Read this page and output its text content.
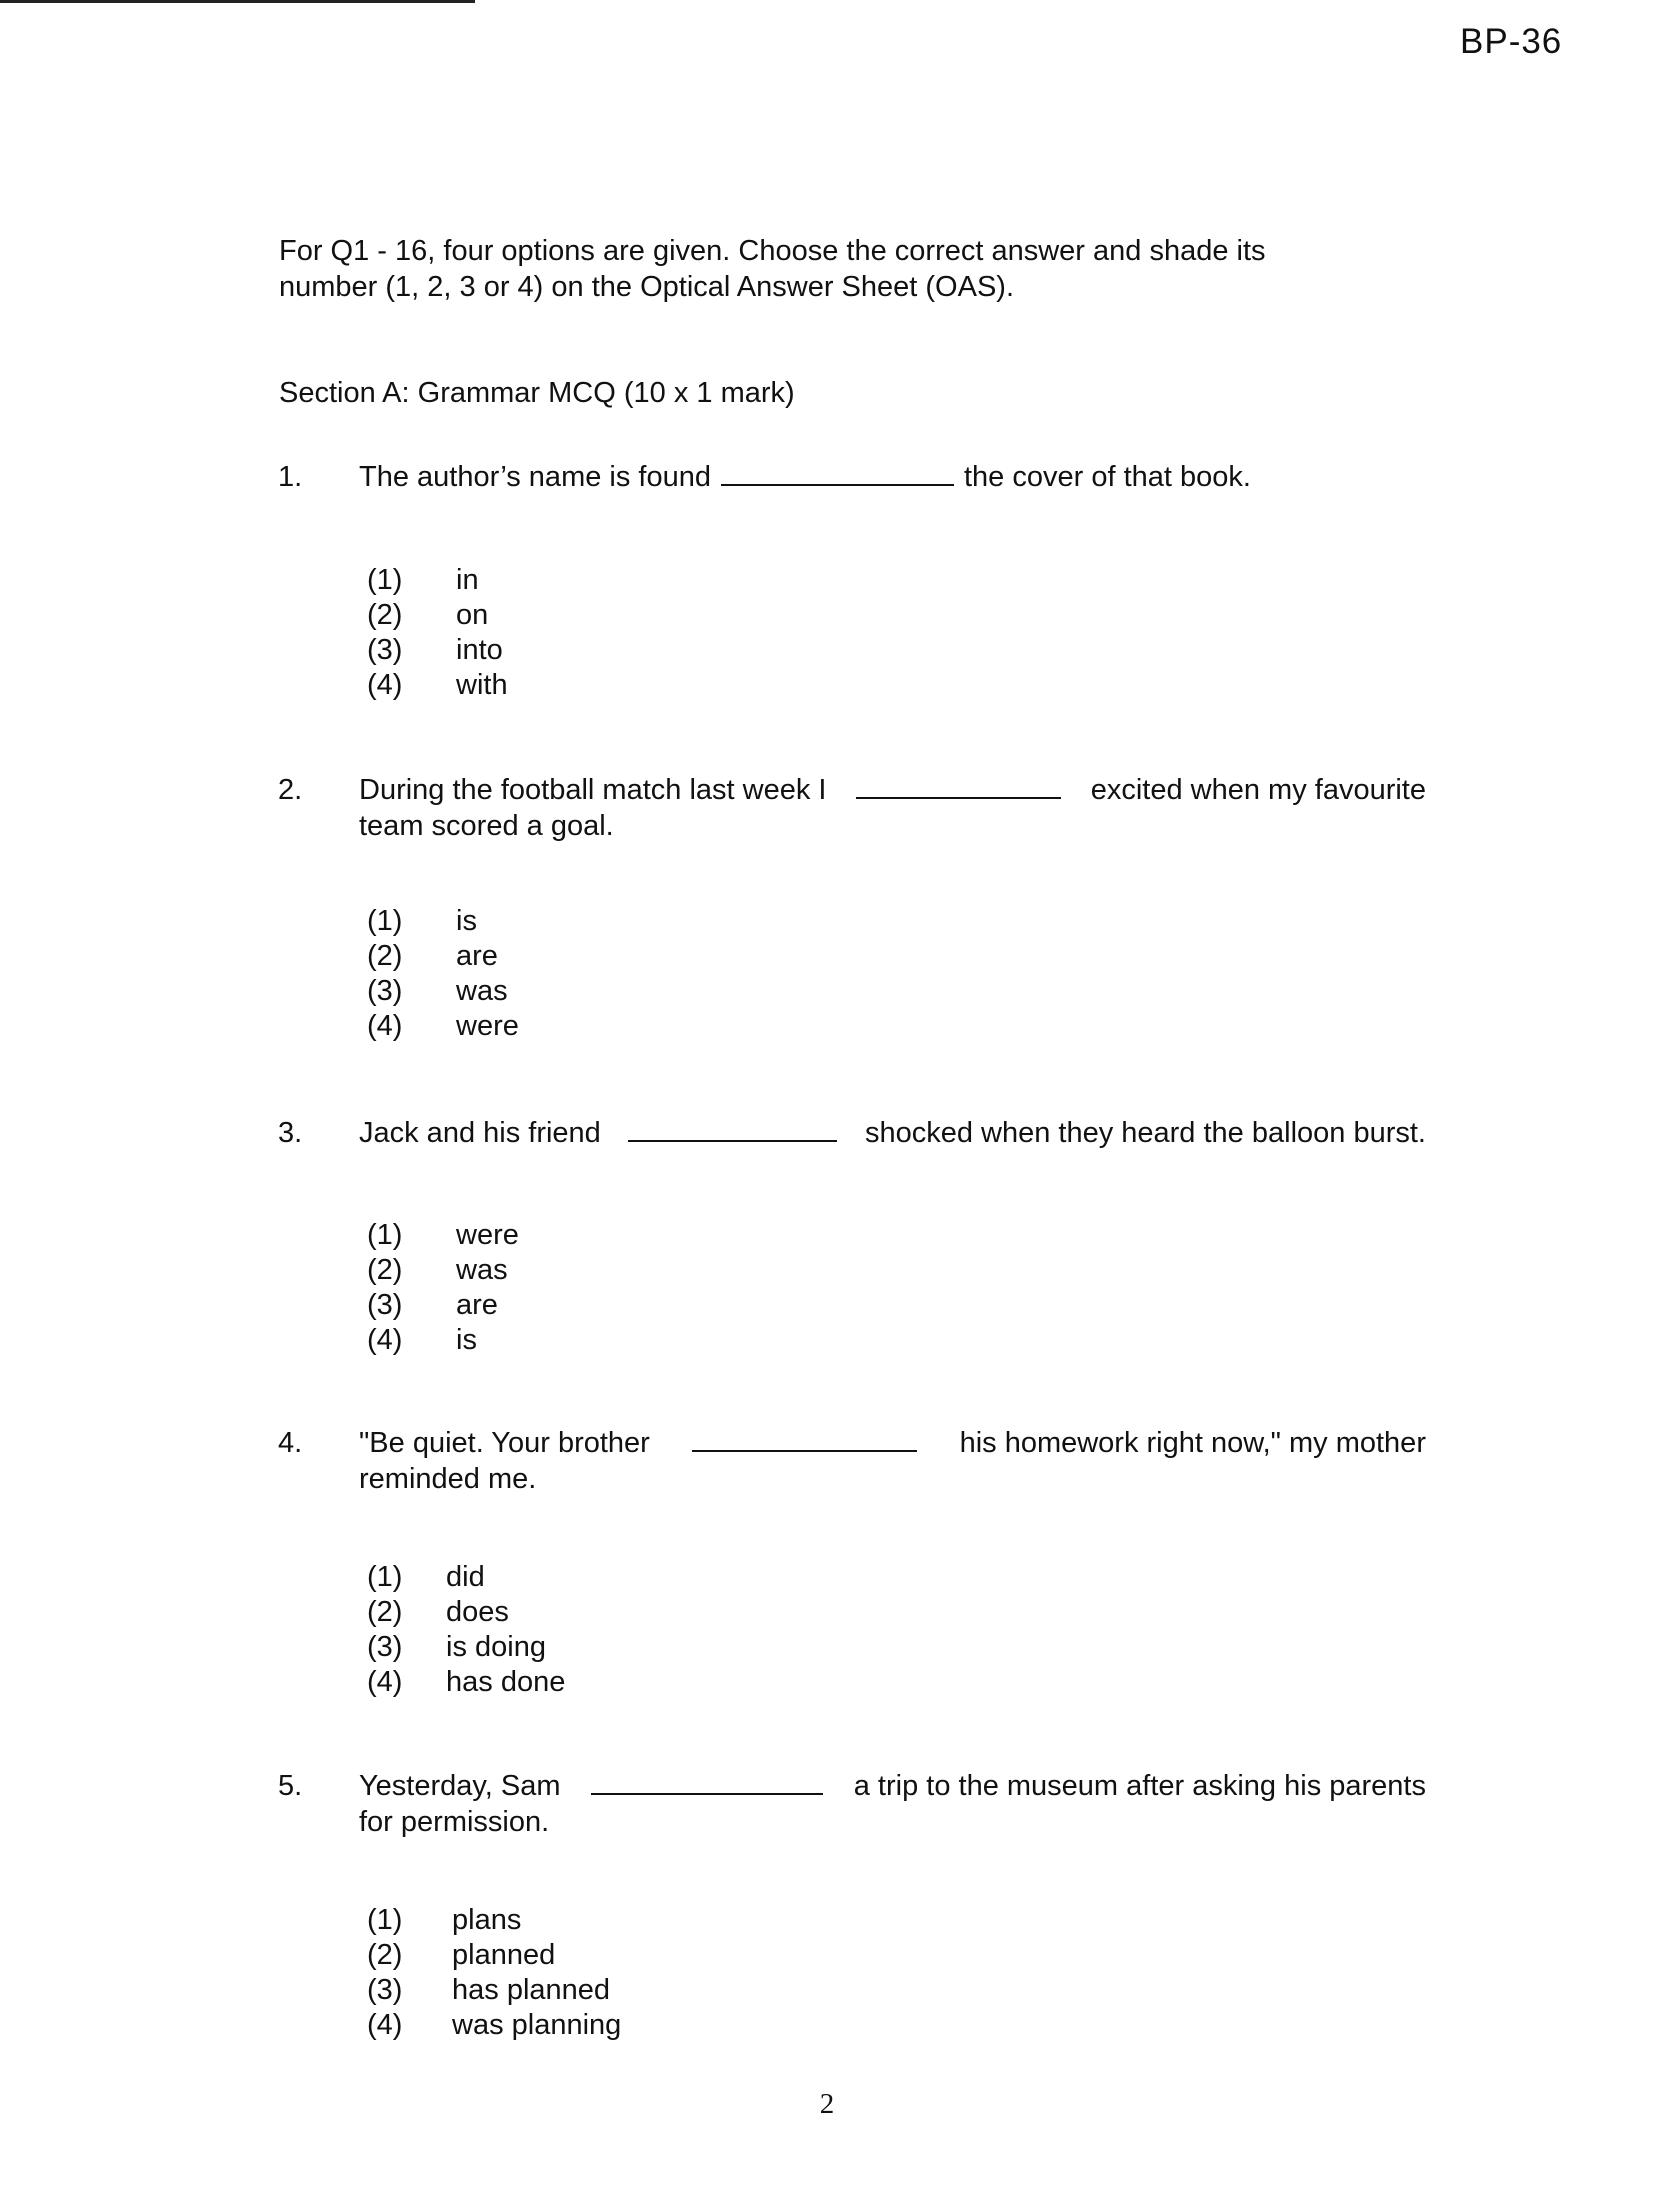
BP-36
For Q1 - 16, four options are given. Choose the correct answer and shade its
number (1, 2, 3 or 4) on the Optical Answer Sheet (OAS).
Section A: Grammar MCQ (10 x 1 mark)
1. The author’s name is found	the cover of that book.
(1)	in
(2)	on
(3)	into
(4)	with
2. During the football match last week I	excited when my favourite
team scored a goal.
(1)	is
(2)	are
(3)	was
(4)	were
3. Jack and his friend	shocked when they heard the balloon burst.
(1)	were
(2)	was
(3)	are
(4)	is
4. "Be quiet. Your brother	his homework right now," my mother
reminded me.
(1)	did
(2)	does
(3)	is doing
(4)	has done
5. Yesterday, Sam	a trip to the museum after asking his parents
for permission.
(1)	plans
(2)	planned
(3)	has planned
(4)	was planning
2
